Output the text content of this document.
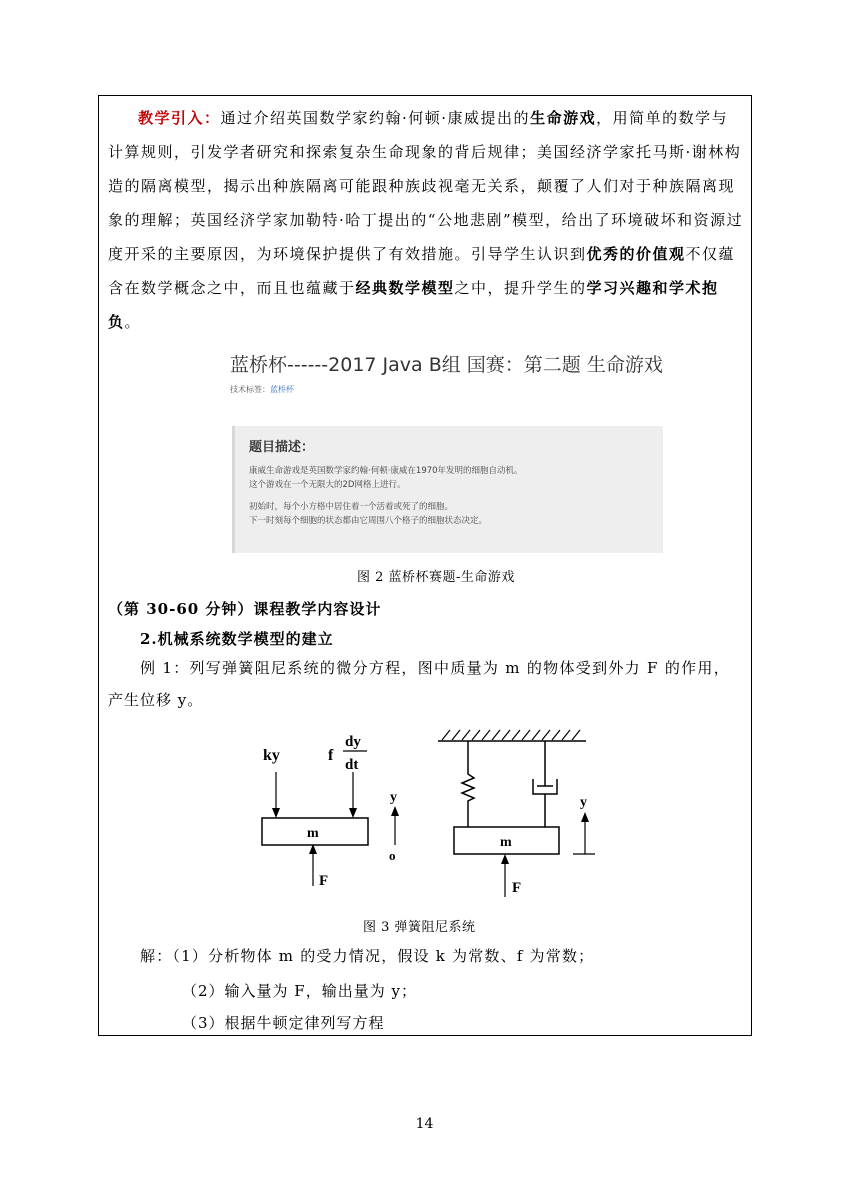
教学引入：通过介绍英国数学家约翰·何顿·康威提出的生命游戏，用简单的数学与计算规则，引发学者研究和探索复杂生命现象的背后规律；美国经济学家托马斯·谢林构造的隔离模型，揭示出种族隔离可能跟种族歧视毫无关系，颠覆了人们对于种族隔离现象的理解；英国经济学家加勒特·哈丁提出的“公地悲剧”模型，给出了环境破坏和资源过度开采的主要原因，为环境保护提供了有效措施。引导学生认识到优秀的价值观不仅蕴含在数学概念之中，而且也蕴藏于经典数学模型之中，提升学生的学习兴趣和学术抱负。
蓝桥杯------2017 Java B组 国赛：第二题 生命游戏
技术标签：蓝桥杯
题目描述：
康威生命游戏是英国数学家约翰·何顿·康威在1970年发明的细胞自动机。
这个游戏在一个无限大的2D网格上进行。
初始时，每个小方格中居住着一个活着或死了的细胞。
下一时刻每个细胞的状态都由它周围八个格子的细胞状态决定。
图 2 蓝桥杯赛题-生命游戏
（第 30-60 分钟）课程教学内容设计
2.机械系统数学模型的建立
例 1：列写弹簧阻尼系统的微分方程，图中质量为 m 的物体受到外力 F 的作用，
产生位移 y。
ky	f
dy
dt
m
F
y
o
m
F
y
图 3 弹簧阻尼系统
解：（1）分析物体 m 的受力情况，假设 k 为常数、f 为常数；
（2）输入量为 F，输出量为 y；
（3）根据牛顿定律列写方程
14
